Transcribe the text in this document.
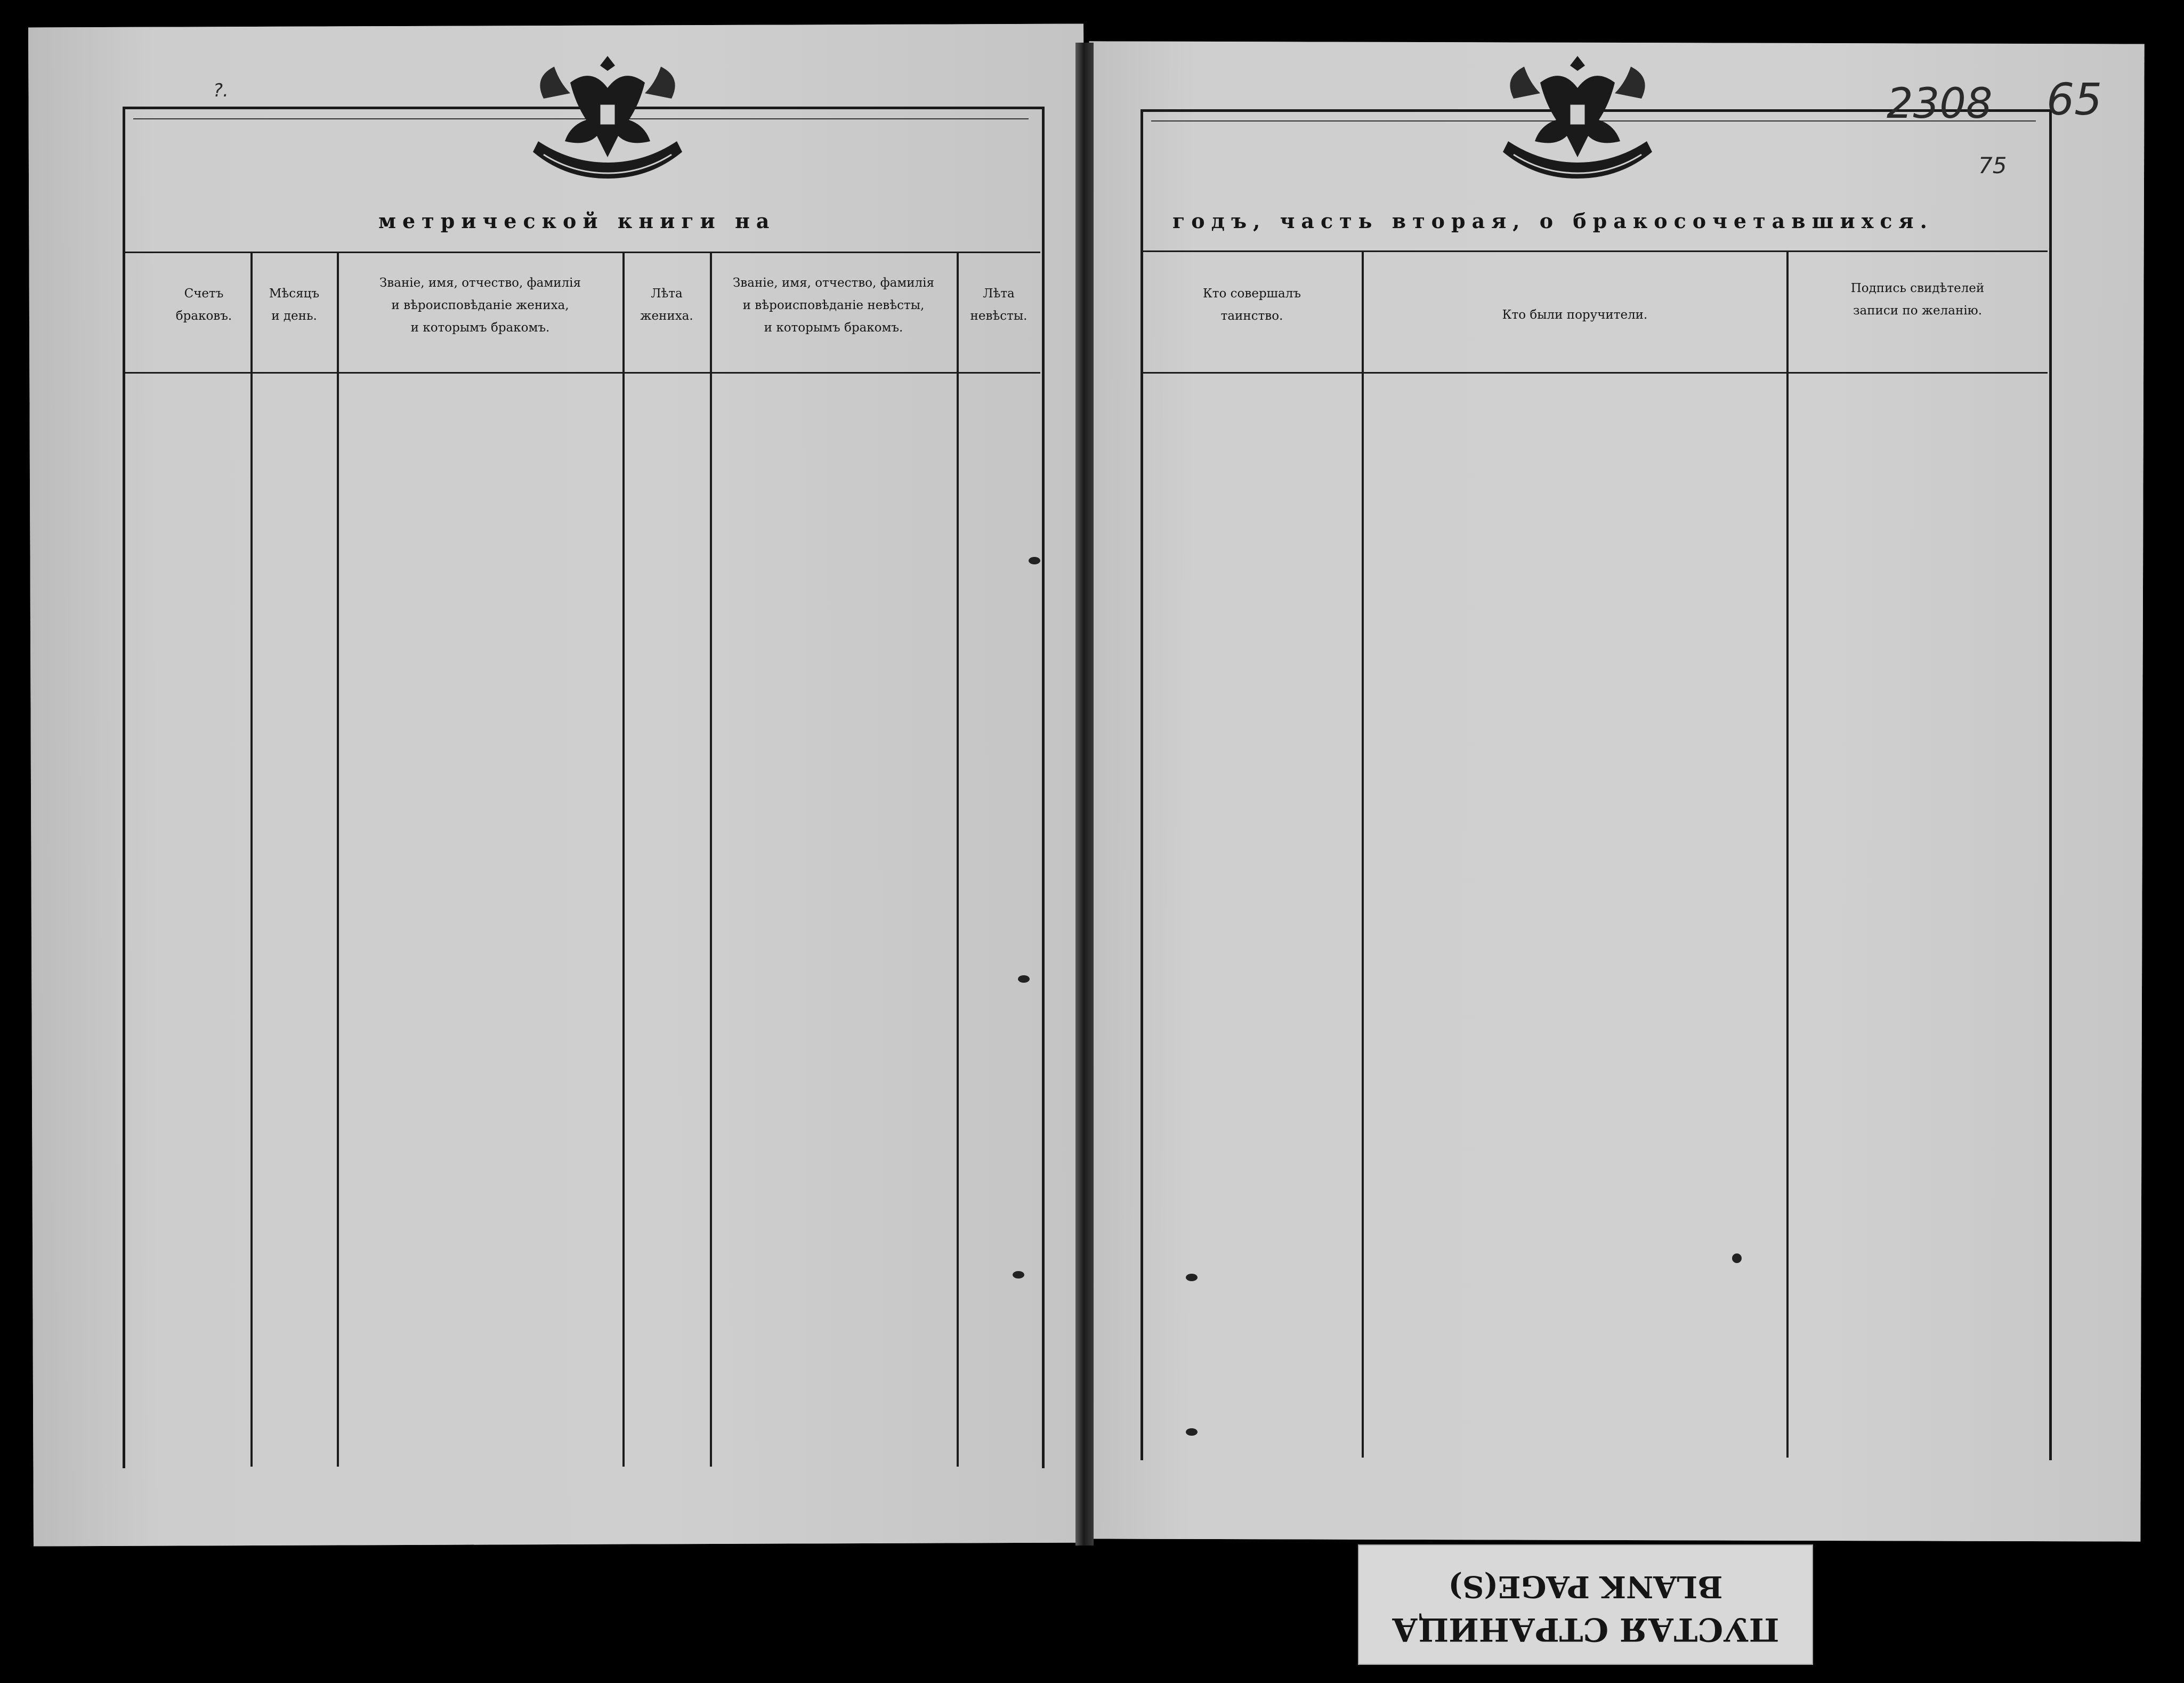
метрической книги на
Счетъ
браковъ.
Мѣсяцъ
и день.
Званіе, имя, отчество, фамилія
и вѣроисповѣданіе жениха,
и которымъ бракомъ.
Лѣта
жениха.
Званіе, имя, отчество, фамилія
и вѣроисповѣданіе невѣсты,
и которымъ бракомъ.
Лѣта
невѣсты.
?.
годъ, часть вторая, о бракосочетавшихся.
Кто совершалъ
таинство.	Кто были поручители.
Подпись свидѣтелей
записи по желанію.
2308 65
75
ПУСТАЯ СТРАНИЦА
BLANK PAGE(S)
